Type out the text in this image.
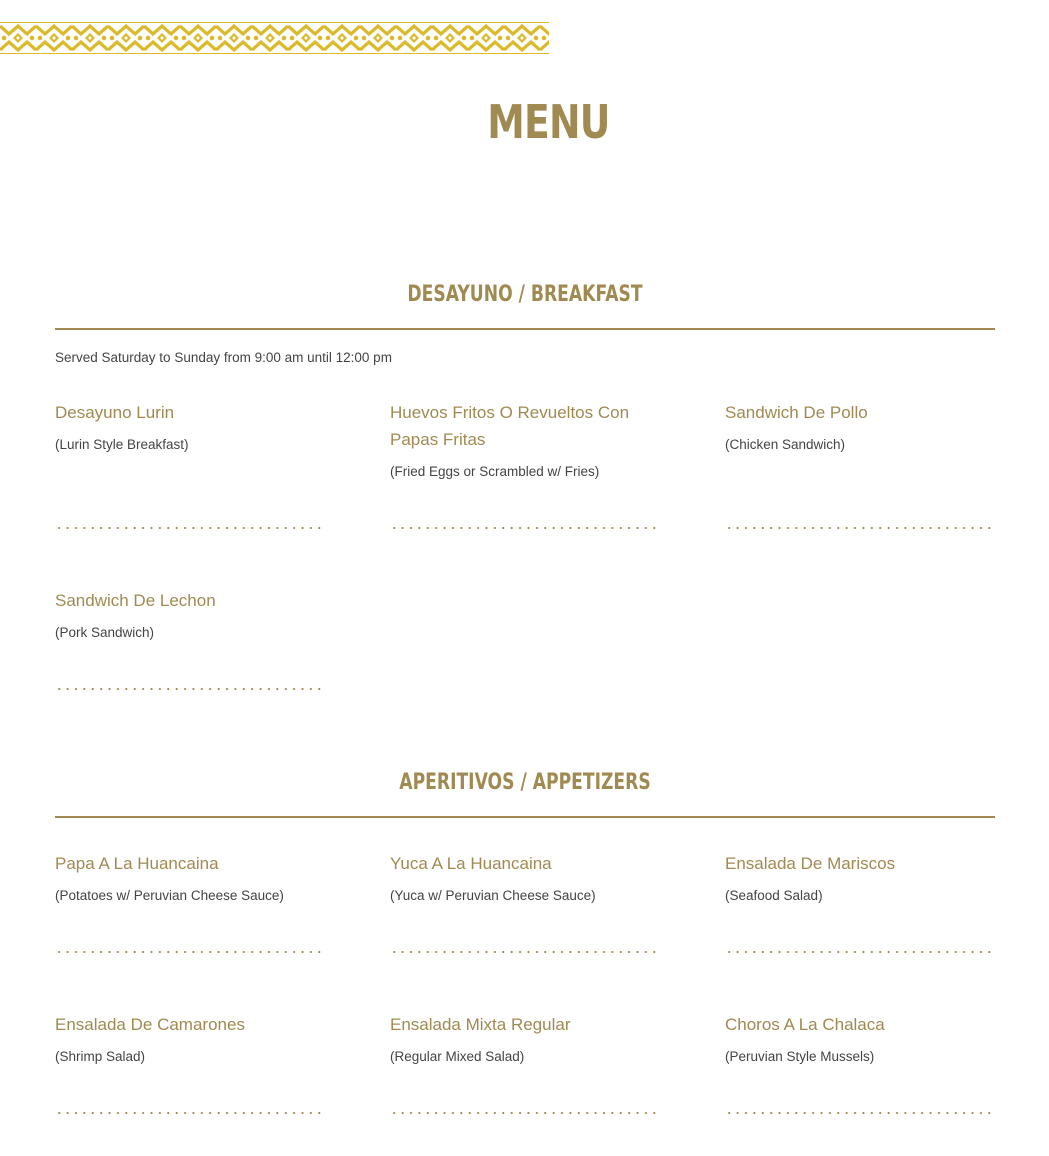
MENU
DESAYUNO / BREAKFAST
Served Saturday to Sunday from 9:00 am until 12:00 pm
Desayuno Lurin
(Lurin Style Breakfast)
Huevos Fritos O Revueltos Con Papas Fritas
(Fried Eggs or Scrambled w/ Fries)
Sandwich De Pollo
(Chicken Sandwich)
Sandwich De Lechon
(Pork Sandwich)
APERITIVOS / APPETIZERS
Papa A La Huancaina
(Potatoes w/ Peruvian Cheese Sauce)
Yuca A La Huancaina
(Yuca w/ Peruvian Cheese Sauce)
Ensalada De Mariscos
(Seafood Salad)
Ensalada De Camarones
(Shrimp Salad)
Ensalada Mixta Regular
(Regular Mixed Salad)
Choros A La Chalaca
(Peruvian Style Mussels)
